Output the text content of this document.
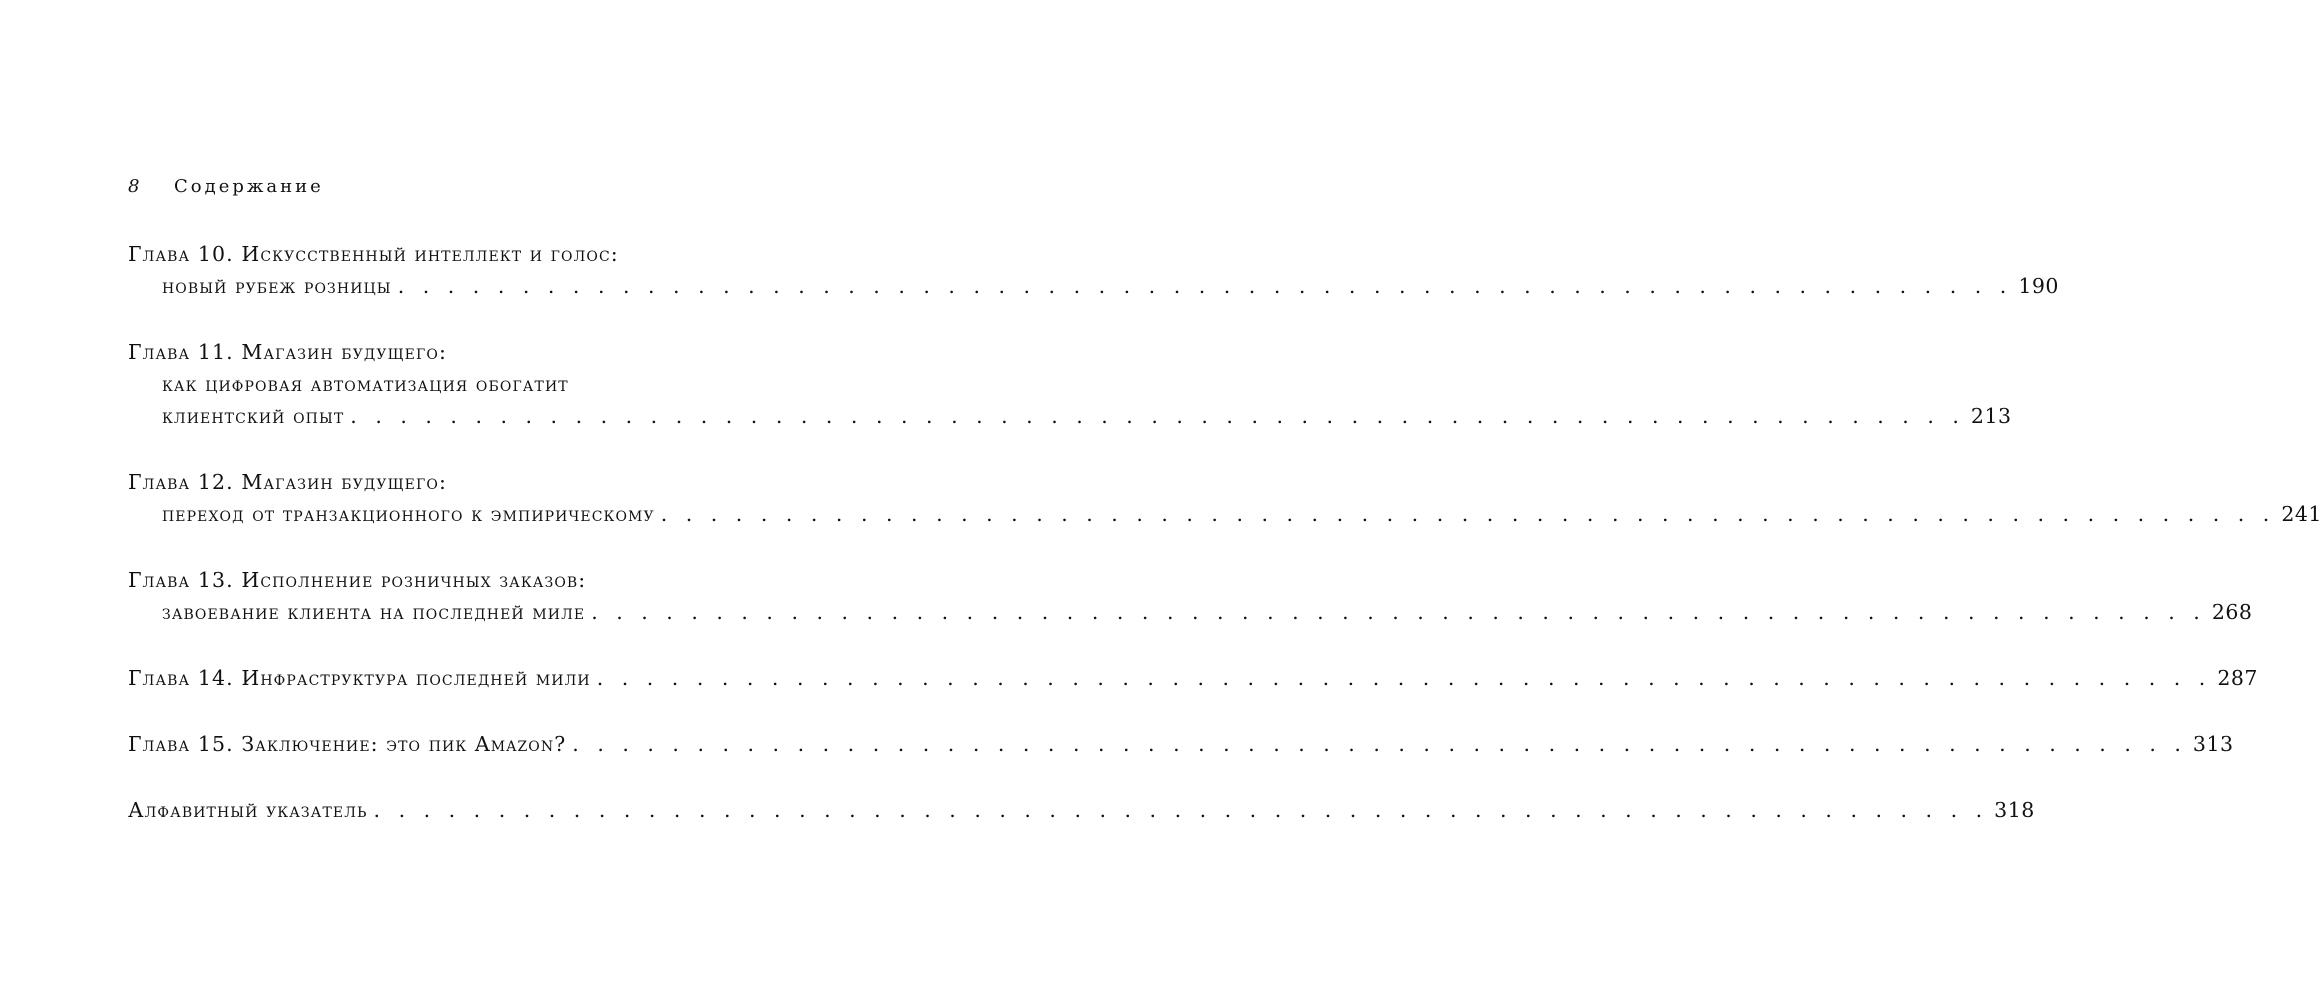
8	Содержание
Глава 10. Искусственный интеллект и голос:
новый рубеж розницы . . . . . . . . . . . . . . . . . . . . . . . . . . . . . . . . . . . . . . . . . . . . . . . . . . . . . . . . . . . . . . . . . 190
Глава 11. Магазин будущего:
как цифровая автоматизация обогатит
клиентский опыт . . . . . . . . . . . . . . . . . . . . . . . . . . . . . . . . . . . . . . . . . . . . . . . . . . . . . . . . . . . . . . . . . 213
Глава 12. Магазин будущего:
переход от транзакционного к эмпирическому . . . . . . . . . . . . . . . . . . . . . . . . . . . . . . . . . . . . . . . . . . . . . . . . . . . . . . . . . . . . . . . . . 241
Глава 13. Исполнение розничных заказов:
завоевание клиента на последней миле . . . . . . . . . . . . . . . . . . . . . . . . . . . . . . . . . . . . . . . . . . . . . . . . . . . . . . . . . . . . . . . . . 268
Глава 14. Инфраструктура последней мили . . . . . . . . . . . . . . . . . . . . . . . . . . . . . . . . . . . . . . . . . . . . . . . . . . . . . . . . . . . . . . . . . 287
Глава 15. Заключение: это пик Amazon? . . . . . . . . . . . . . . . . . . . . . . . . . . . . . . . . . . . . . . . . . . . . . . . . . . . . . . . . . . . . . . . . . 313
Алфавитный указатель . . . . . . . . . . . . . . . . . . . . . . . . . . . . . . . . . . . . . . . . . . . . . . . . . . . . . . . . . . . . . . . . . 318
